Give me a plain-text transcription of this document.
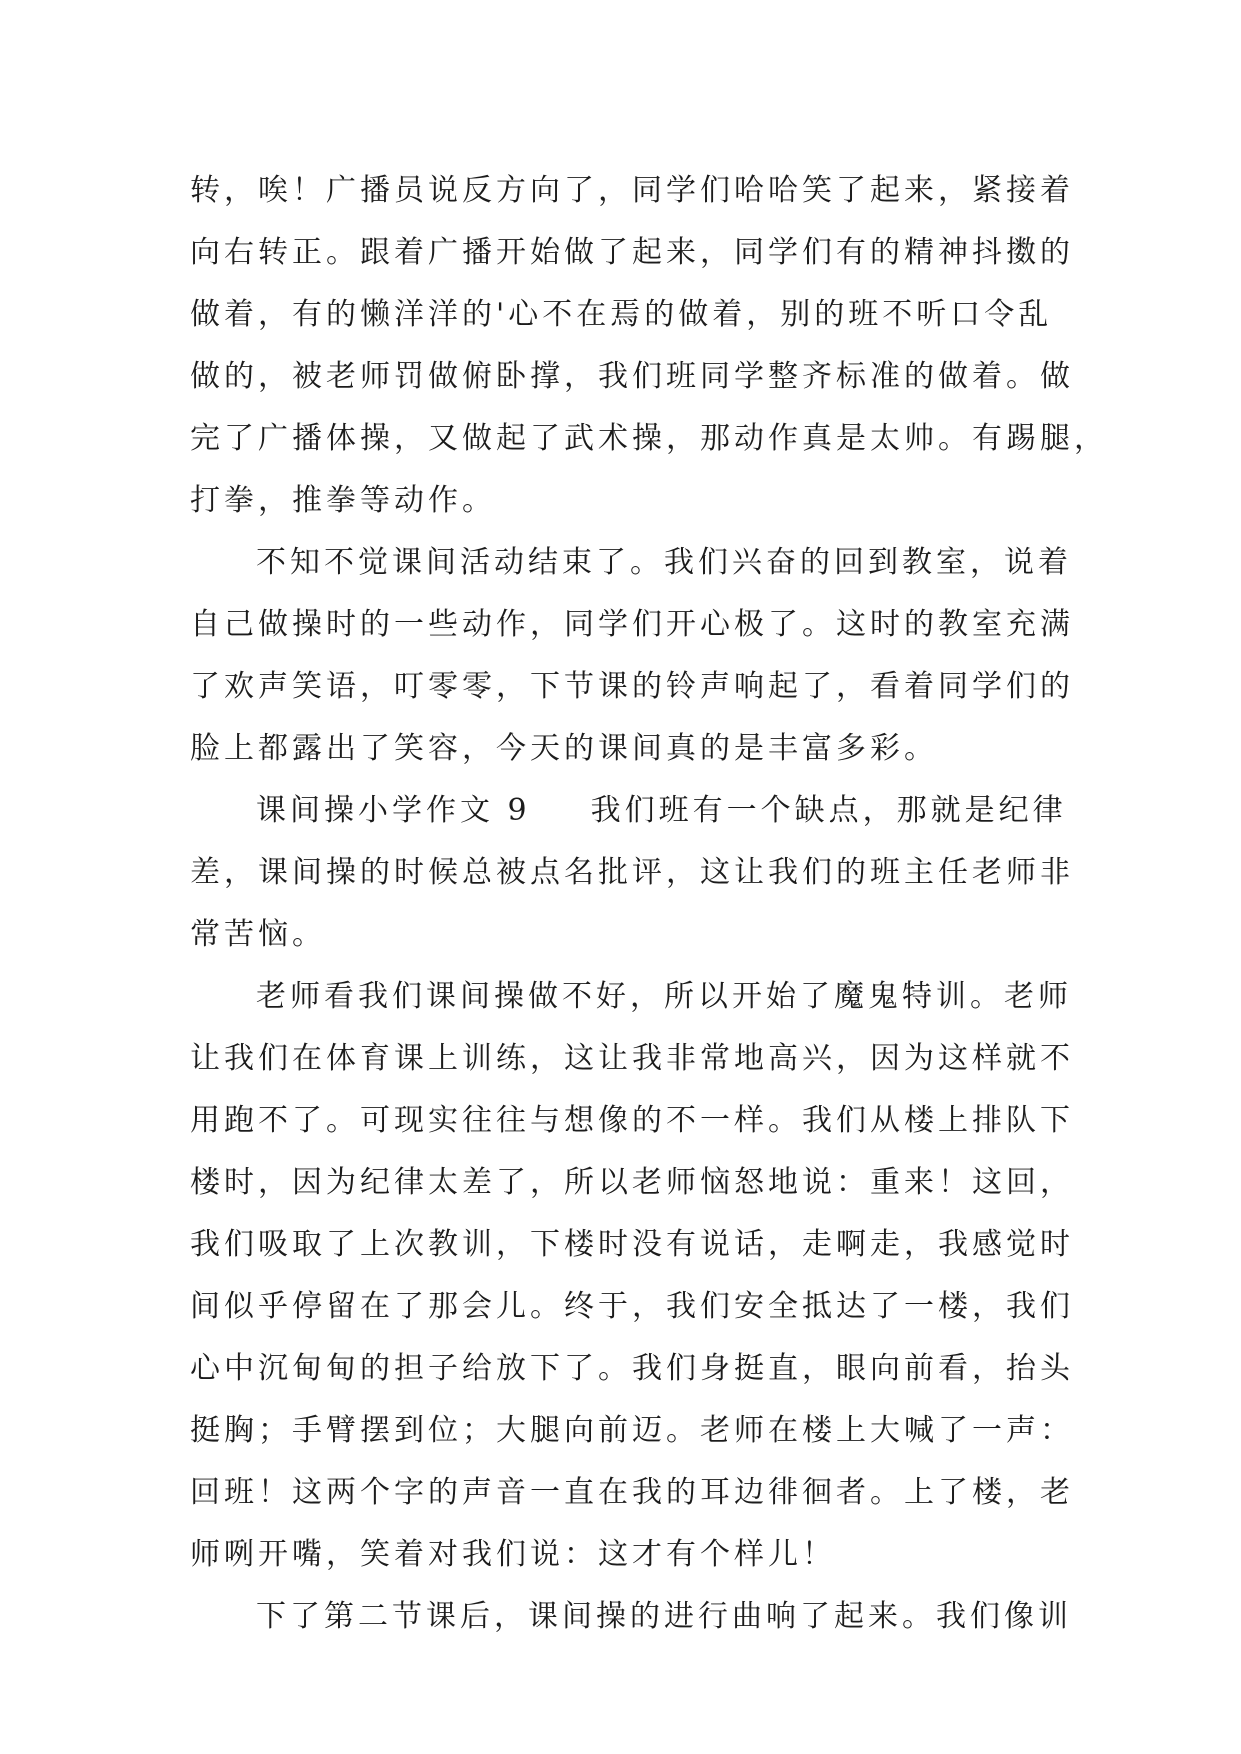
转，唉！广播员说反方向了，同学们哈哈笑了起来，紧接着
向右转正。跟着广播开始做了起来，同学们有的精神抖擞的
做着，有的懒洋洋的'心不在焉的做着，别的班不听口令乱
做的，被老师罚做俯卧撑，我们班同学整齐标准的做着。做
完了广播体操，又做起了武术操，那动作真是太帅。有踢腿，
打拳，推拳等动作。
不知不觉课间活动结束了。我们兴奋的回到教室，说着
自己做操时的一些动作，同学们开心极了。这时的教室充满
了欢声笑语，叮零零，下节课的铃声响起了，看着同学们的
脸上都露出了笑容，今天的课间真的是丰富多彩。
课间操小学作文 9 我们班有一个缺点，那就是纪律
差，课间操的时候总被点名批评，这让我们的班主任老师非
常苦恼。
老师看我们课间操做不好，所以开始了魔鬼特训。老师
让我们在体育课上训练，这让我非常地高兴，因为这样就不
用跑不了。可现实往往与想像的不一样。我们从楼上排队下
楼时，因为纪律太差了，所以老师恼怒地说：重来！这回，
我们吸取了上次教训，下楼时没有说话，走啊走，我感觉时
间似乎停留在了那会儿。终于，我们安全抵达了一楼，我们
心中沉甸甸的担子给放下了。我们身挺直，眼向前看，抬头
挺胸；手臂摆到位；大腿向前迈。老师在楼上大喊了一声：
回班！这两个字的声音一直在我的耳边徘徊者。上了楼，老
师咧开嘴，笑着对我们说：这才有个样儿！
下了第二节课后，课间操的进行曲响了起来。我们像训
